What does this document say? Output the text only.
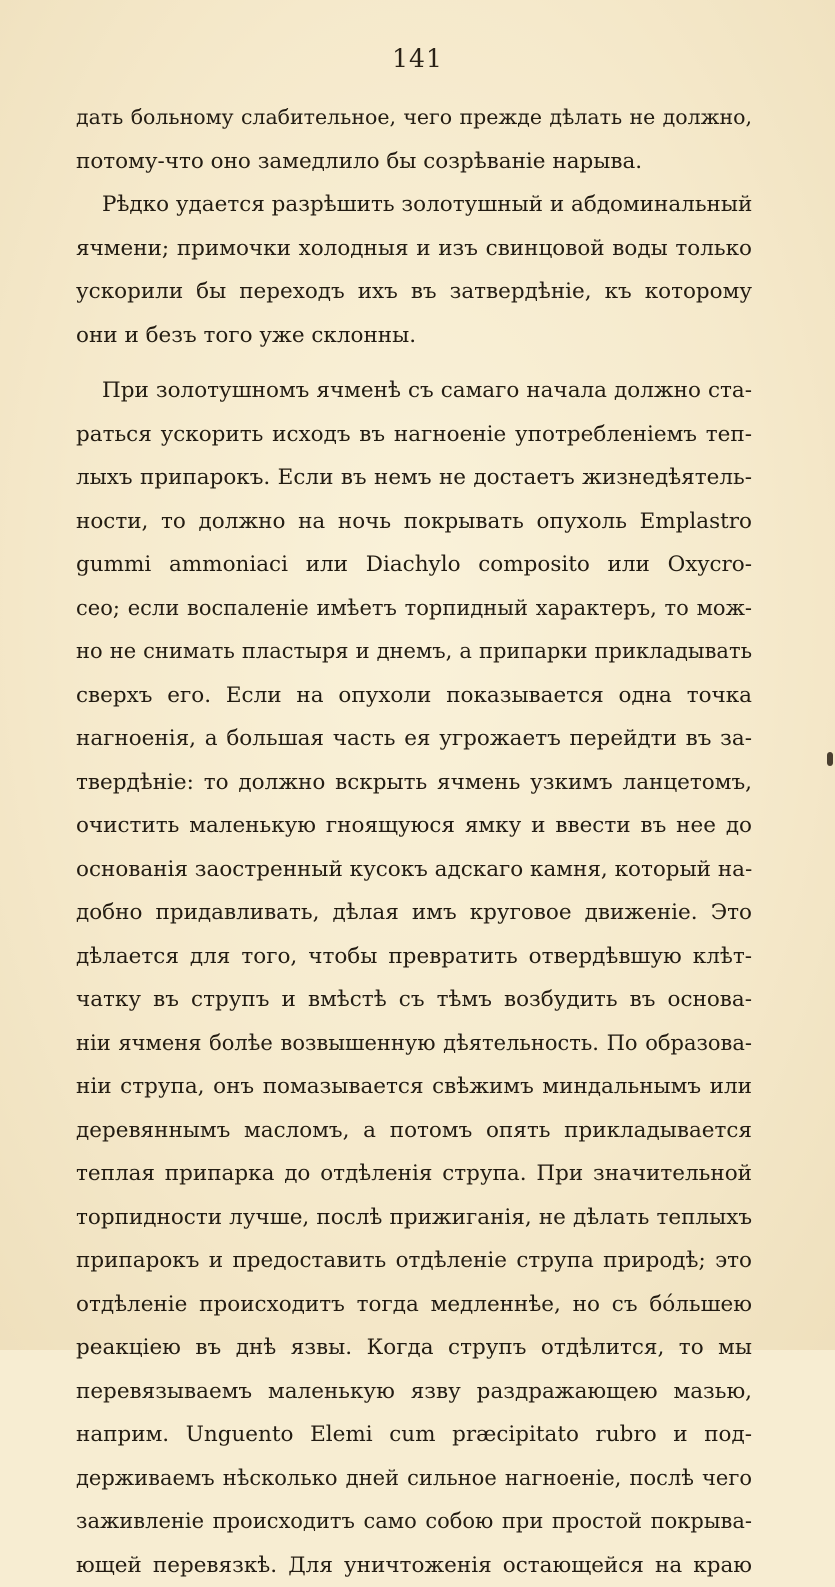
141
дать больному слабительное, чего прежде дѣлать не должно,
потому-что оно замедлило бы созрѣваніе нарыва.
Рѣдко удается разрѣшить золотушный и абдоминальный
ячмени; примочки холодныя и изъ свинцовой воды только
ускорили бы переходъ ихъ въ затвердѣніе, къ которому
они и безъ того уже склонны.
При золотушномъ ячменѣ съ самаго начала должно ста-
раться ускорить исходъ въ нагноеніе употребленіемъ теп-
лыхъ припарокъ. Если въ немъ не достаетъ жизнедѣятель-
ности, то должно на ночь покрывать опухоль Emplastro
gummi ammoniaci или Diachylo composito или Oxycro-
ceo; если воспаленіе имѣетъ торпидный характеръ, то мож-
но не снимать пластыря и днемъ, а припарки прикладывать
сверхъ его. Если на опухоли показывается одна точка
нагноенія, а большая часть ея угрожаетъ перейдти въ за-
твердѣніе: то должно вскрыть ячмень узкимъ ланцетомъ,
очистить маленькую гноящуюся ямку и ввести въ нее до
основанія заостренный кусокъ адскаго камня, который на-
добно придавливать, дѣлая имъ круговое движеніе. Это
дѣлается для того, чтобы превратить отвердѣвшую клѣт-
чатку въ струпъ и вмѣстѣ съ тѣмъ возбудить въ основа-
ніи ячменя болѣе возвышенную дѣятельность. По образова-
ніи струпа, онъ помазывается свѣжимъ миндальнымъ или
деревяннымъ масломъ, а потомъ опять прикладывается
теплая припарка до отдѣленія струпа. При значительной
торпидности лучше, послѣ прижиганія, не дѣлать теплыхъ
припарокъ и предоставить отдѣленіе струпа природѣ; это
отдѣленіе происходитъ тогда медленнѣе, но съ бо́льшею
реакціею въ днѣ язвы. Когда струпъ отдѣлится, то мы
перевязываемъ маленькую язву раздражающею мазью,
наприм. Unguento Elemi cum præcipitato rubro и под-
держиваемъ нѣсколько дней сильное нагноеніе, послѣ чего
заживленіе происходитъ само собою при простой покрыва-
ющей перевязкѣ. Для уничтоженія остающейся на краю
